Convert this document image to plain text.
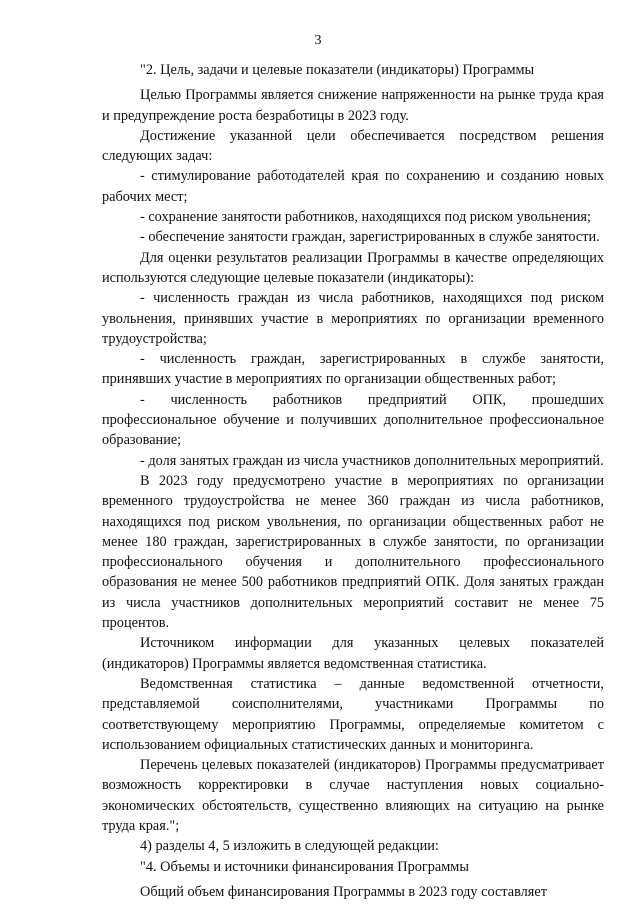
3

"2. Цель, задачи и целевые показатели (индикаторы) Программы

Целью Программы является снижение напряженности на рынке труда края и предупреждение роста безработицы в 2023 году.

Достижение указанной цели обеспечивается посредством решения следующих задач:

- стимулирование работодателей края по сохранению и созданию новых рабочих мест;

- сохранение занятости работников, находящихся под риском увольнения;

- обеспечение занятости граждан, зарегистрированных в службе занятости.

Для оценки результатов реализации Программы в качестве определяющих используются следующие целевые показатели (индикаторы):

- численность граждан из числа работников, находящихся под риском увольнения, принявших участие в мероприятиях по организации временного трудоустройства;

- численность граждан, зарегистрированных в службе занятости, принявших участие в мероприятиях по организации общественных работ;

- численность работников предприятий ОПК, прошедших профессиональное обучение и получивших дополнительное профессиональное образование;

- доля занятых граждан из числа участников дополнительных мероприятий.

В 2023 году предусмотрено участие в мероприятиях по организации временного трудоустройства не менее 360 граждан из числа работников, находящихся под риском увольнения, по организации общественных работ не менее 180 граждан, зарегистрированных в службе занятости, по организации профессионального обучения и дополнительного профессионального образования не менее 500 работников предприятий ОПК. Доля занятых граждан из числа участников дополнительных мероприятий составит не менее 75 процентов.

Источником информации для указанных целевых показателей (индикаторов) Программы является ведомственная статистика.

Ведомственная статистика – данные ведомственной отчетности, представляемой соисполнителями, участниками Программы по соответствующему мероприятию Программы, определяемые комитетом с использованием официальных статистических данных и мониторинга.

Перечень целевых показателей (индикаторов) Программы предусматривает возможность корректировки в случае наступления новых социально-экономических обстоятельств, существенно влияющих на ситуацию на рынке труда края.";

4) разделы 4, 5 изложить в следующей редакции:

"4. Объемы и источники финансирования Программы

Общий объем финансирования Программы в 2023 году составляет
